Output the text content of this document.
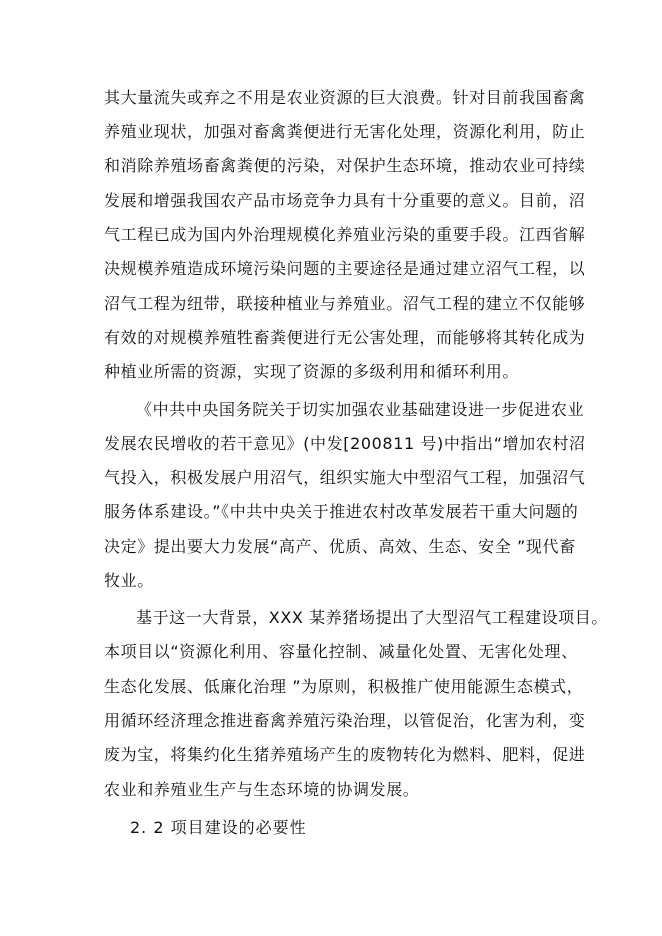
其大量流失或弃之不用是农业资源的巨大浪费。针对目前我国畜禽
养殖业现状，加强对畜禽粪便进行无害化处理，资源化利用，防止
和消除养殖场畜禽粪便的污染，对保护生态环境，推动农业可持续
发展和增强我国农产品市场竞争力具有十分重要的意义。目前，沼
气工程已成为国内外治理规模化养殖业污染的重要手段。江西省解
决规模养殖造成环境污染问题的主要途径是通过建立沼气工程，以
沼气工程为纽带，联接种植业与养殖业。沼气工程的建立不仅能够
有效的对规模养殖牲畜粪便进行无公害处理，而能够将其转化成为
种植业所需的资源，实现了资源的多级利用和循环利用。
《中共中央国务院关于切实加强农业基础建设进一步促进农业
发展农民增收的若干意见》(中发[200811 号)中指出“增加农村沼
气投入，积极发展户用沼气，组织实施大中型沼气工程，加强沼气
服务体系建设。”《中共中央关于推进农村改革发展若干重大问题的
决定》提出要大力发展“高产、优质、高效、生态、安全 ”现代畜
牧业。
基于这一大背景，XXX 某养猪场提出了大型沼气工程建设项目。
本项目以“资源化利用、容量化控制、减量化处置、无害化处理、
生态化发展、低廉化治理 ”为原则，积极推广使用能源生态模式，
用循环经济理念推进畜禽养殖污染治理，以管促治，化害为利，变
废为宝，将集约化生猪养殖场产生的废物转化为燃料、肥料，促进
农业和养殖业生产与生态环境的协调发展。
2. 2 项目建设的必要性
